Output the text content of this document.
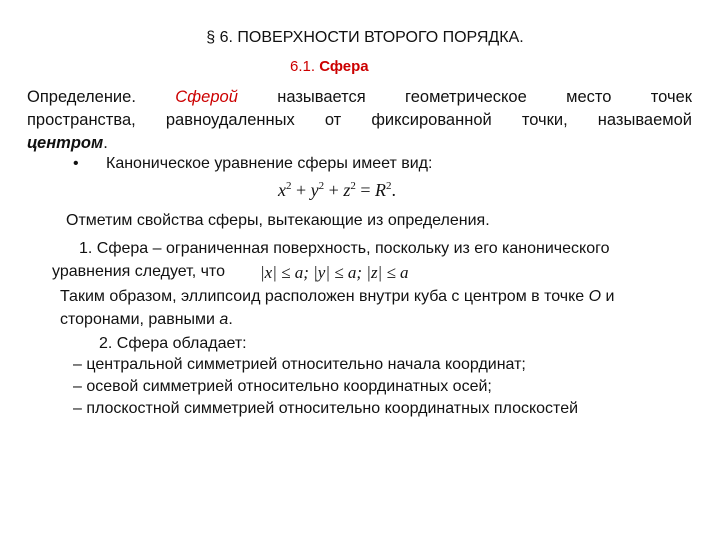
§ 6. ПОВЕРХНОСТИ ВТОРОГО ПОРЯДКА.
6.1. Сфера
Определение. Сферой называется геометрическое место точек
пространства, равноудаленных от фиксированной точки, называемой
центром.
• Каноническое уравнение сферы имеет вид:
$x^2 + y^2 + z^2 = R^2$.
Отметим свойства сферы, вытекающие из определения.
1. Сфера – ограниченная поверхность, поскольку из его канонического
уравнения следует, что |x| ≤ a; |y| ≤ a; |z| ≤ a
Таким образом, эллипсоид расположен внутри куба с центром в точке O и
сторонами, равными a.
2. Сфера обладает:
– центральной симметрией относительно начала координат;
– осевой симметрией относительно координатных осей;
– плоскостной симметрией относительно координатных плоскостей
